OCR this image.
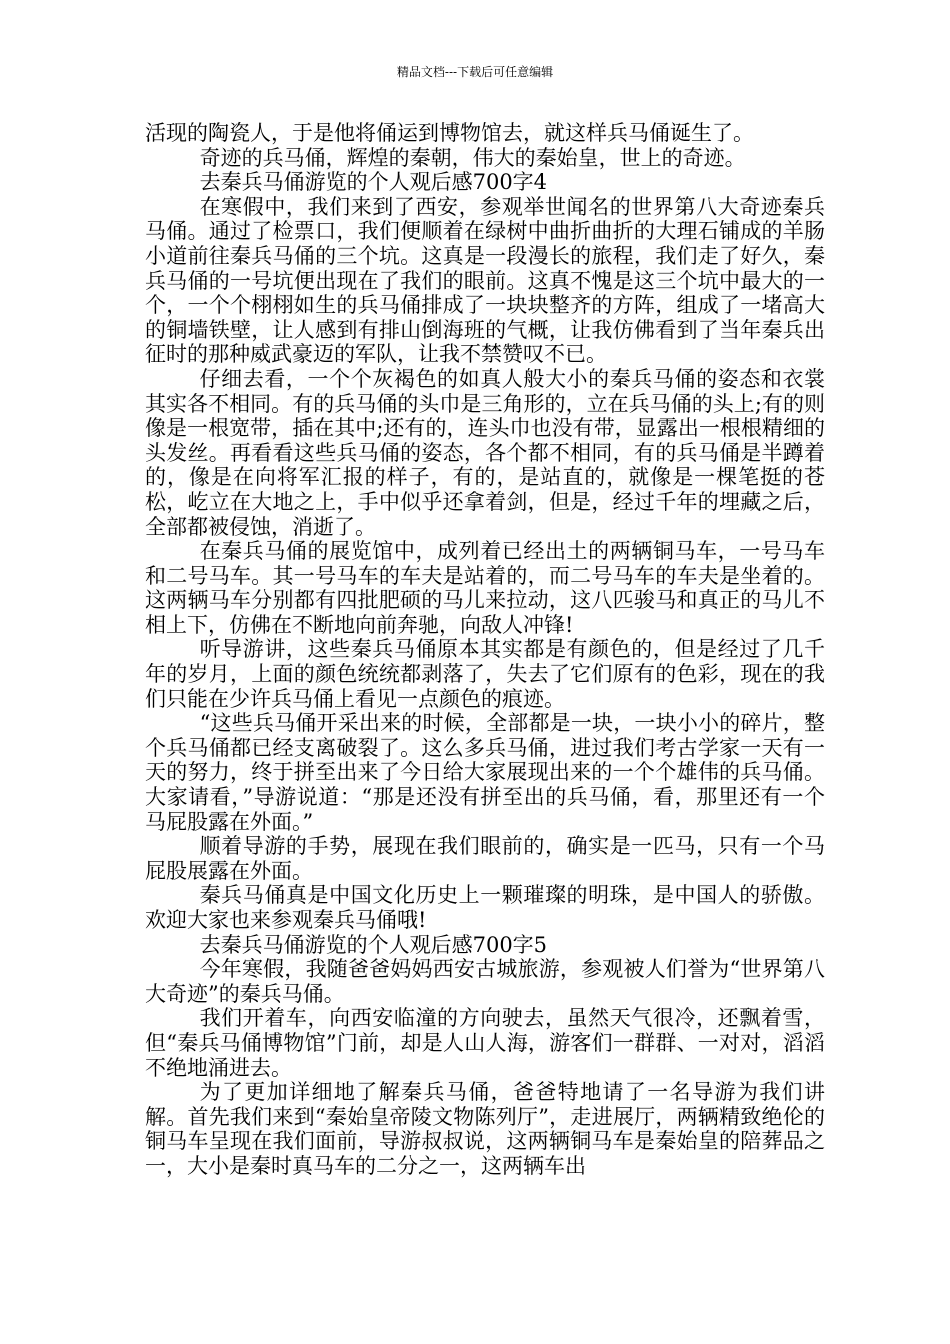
精品文档---下载后可任意编辑

活现的陶瓷人，于是他将俑运到博物馆去，就这样兵马俑诞生了。

奇迹的兵马俑，辉煌的秦朝，伟大的秦始皇，世上的奇迹。

去秦兵马俑游览的个人观后感700字4

在寒假中，我们来到了西安，参观举世闻名的世界第八大奇迹秦兵马俑。通过了检票口，我们便顺着在绿树中曲折曲折的大理石铺成的羊肠小道前往秦兵马俑的三个坑。这真是一段漫长的旅程，我们走了好久，秦兵马俑的一号坑便出现在了我们的眼前。这真不愧是这三个坑中最大的一个，一个个栩栩如生的兵马俑排成了一块块整齐的方阵，组成了一堵高大的铜墙铁壁，让人感到有排山倒海班的气概，让我仿佛看到了当年秦兵出征时的那种威武豪迈的军队，让我不禁赞叹不已。

仔细去看，一个个灰褐色的如真人般大小的秦兵马俑的姿态和衣裳其实各不相同。有的兵马俑的头巾是三角形的，立在兵马俑的头上;有的则像是一根宽带，插在其中;还有的，连头巾也没有带，显露出一根根精细的头发丝。再看看这些兵马俑的姿态，各个都不相同，有的兵马俑是半蹲着的，像是在向将军汇报的样子，有的，是站直的，就像是一棵笔挺的苍松，屹立在大地之上，手中似乎还拿着剑，但是，经过千年的埋藏之后，全部都被侵蚀，消逝了。

在秦兵马俑的展览馆中，成列着已经出土的两辆铜马车，一号马车和二号马车。其一号马车的车夫是站着的，而二号马车的车夫是坐着的。这两辆马车分别都有四批肥硕的马儿来拉动，这八匹骏马和真正的马儿不相上下，仿佛在不断地向前奔驰，向敌人冲锋!

听导游讲，这些秦兵马俑原本其实都是有颜色的，但是经过了几千年的岁月，上面的颜色统统都剥落了，失去了它们原有的色彩，现在的我们只能在少许兵马俑上看见一点颜色的痕迹。

“这些兵马俑开采出来的时候，全部都是一块，一块小小的碎片，整个兵马俑都已经支离破裂了。这么多兵马俑，进过我们考古学家一天有一天的努力，终于拼至出来了今日给大家展现出来的一个个雄伟的兵马俑。大家请看，”导游说道：“那是还没有拼至出的兵马俑，看，那里还有一个马屁股露在外面。”

顺着导游的手势，展现在我们眼前的，确实是一匹马，只有一个马屁股展露在外面。

秦兵马俑真是中国文化历史上一颗璀璨的明珠，是中国人的骄傲。欢迎大家也来参观秦兵马俑哦!

去秦兵马俑游览的个人观后感700字5

今年寒假，我随爸爸妈妈西安古城旅游，参观被人们誉为“世界第八大奇迹”的秦兵马俑。

我们开着车，向西安临潼的方向驶去，虽然天气很冷，还飘着雪，但“秦兵马俑博物馆”门前，却是人山人海，游客们一群群、一对对，滔滔不绝地涌进去。

为了更加详细地了解秦兵马俑，爸爸特地请了一名导游为我们讲解。首先我们来到“秦始皇帝陵文物陈列厅”，走进展厅，两辆精致绝伦的铜马车呈现在我们面前，导游叔叔说，这两辆铜马车是秦始皇的陪葬品之一，大小是秦时真马车的二分之一，这两辆车出
